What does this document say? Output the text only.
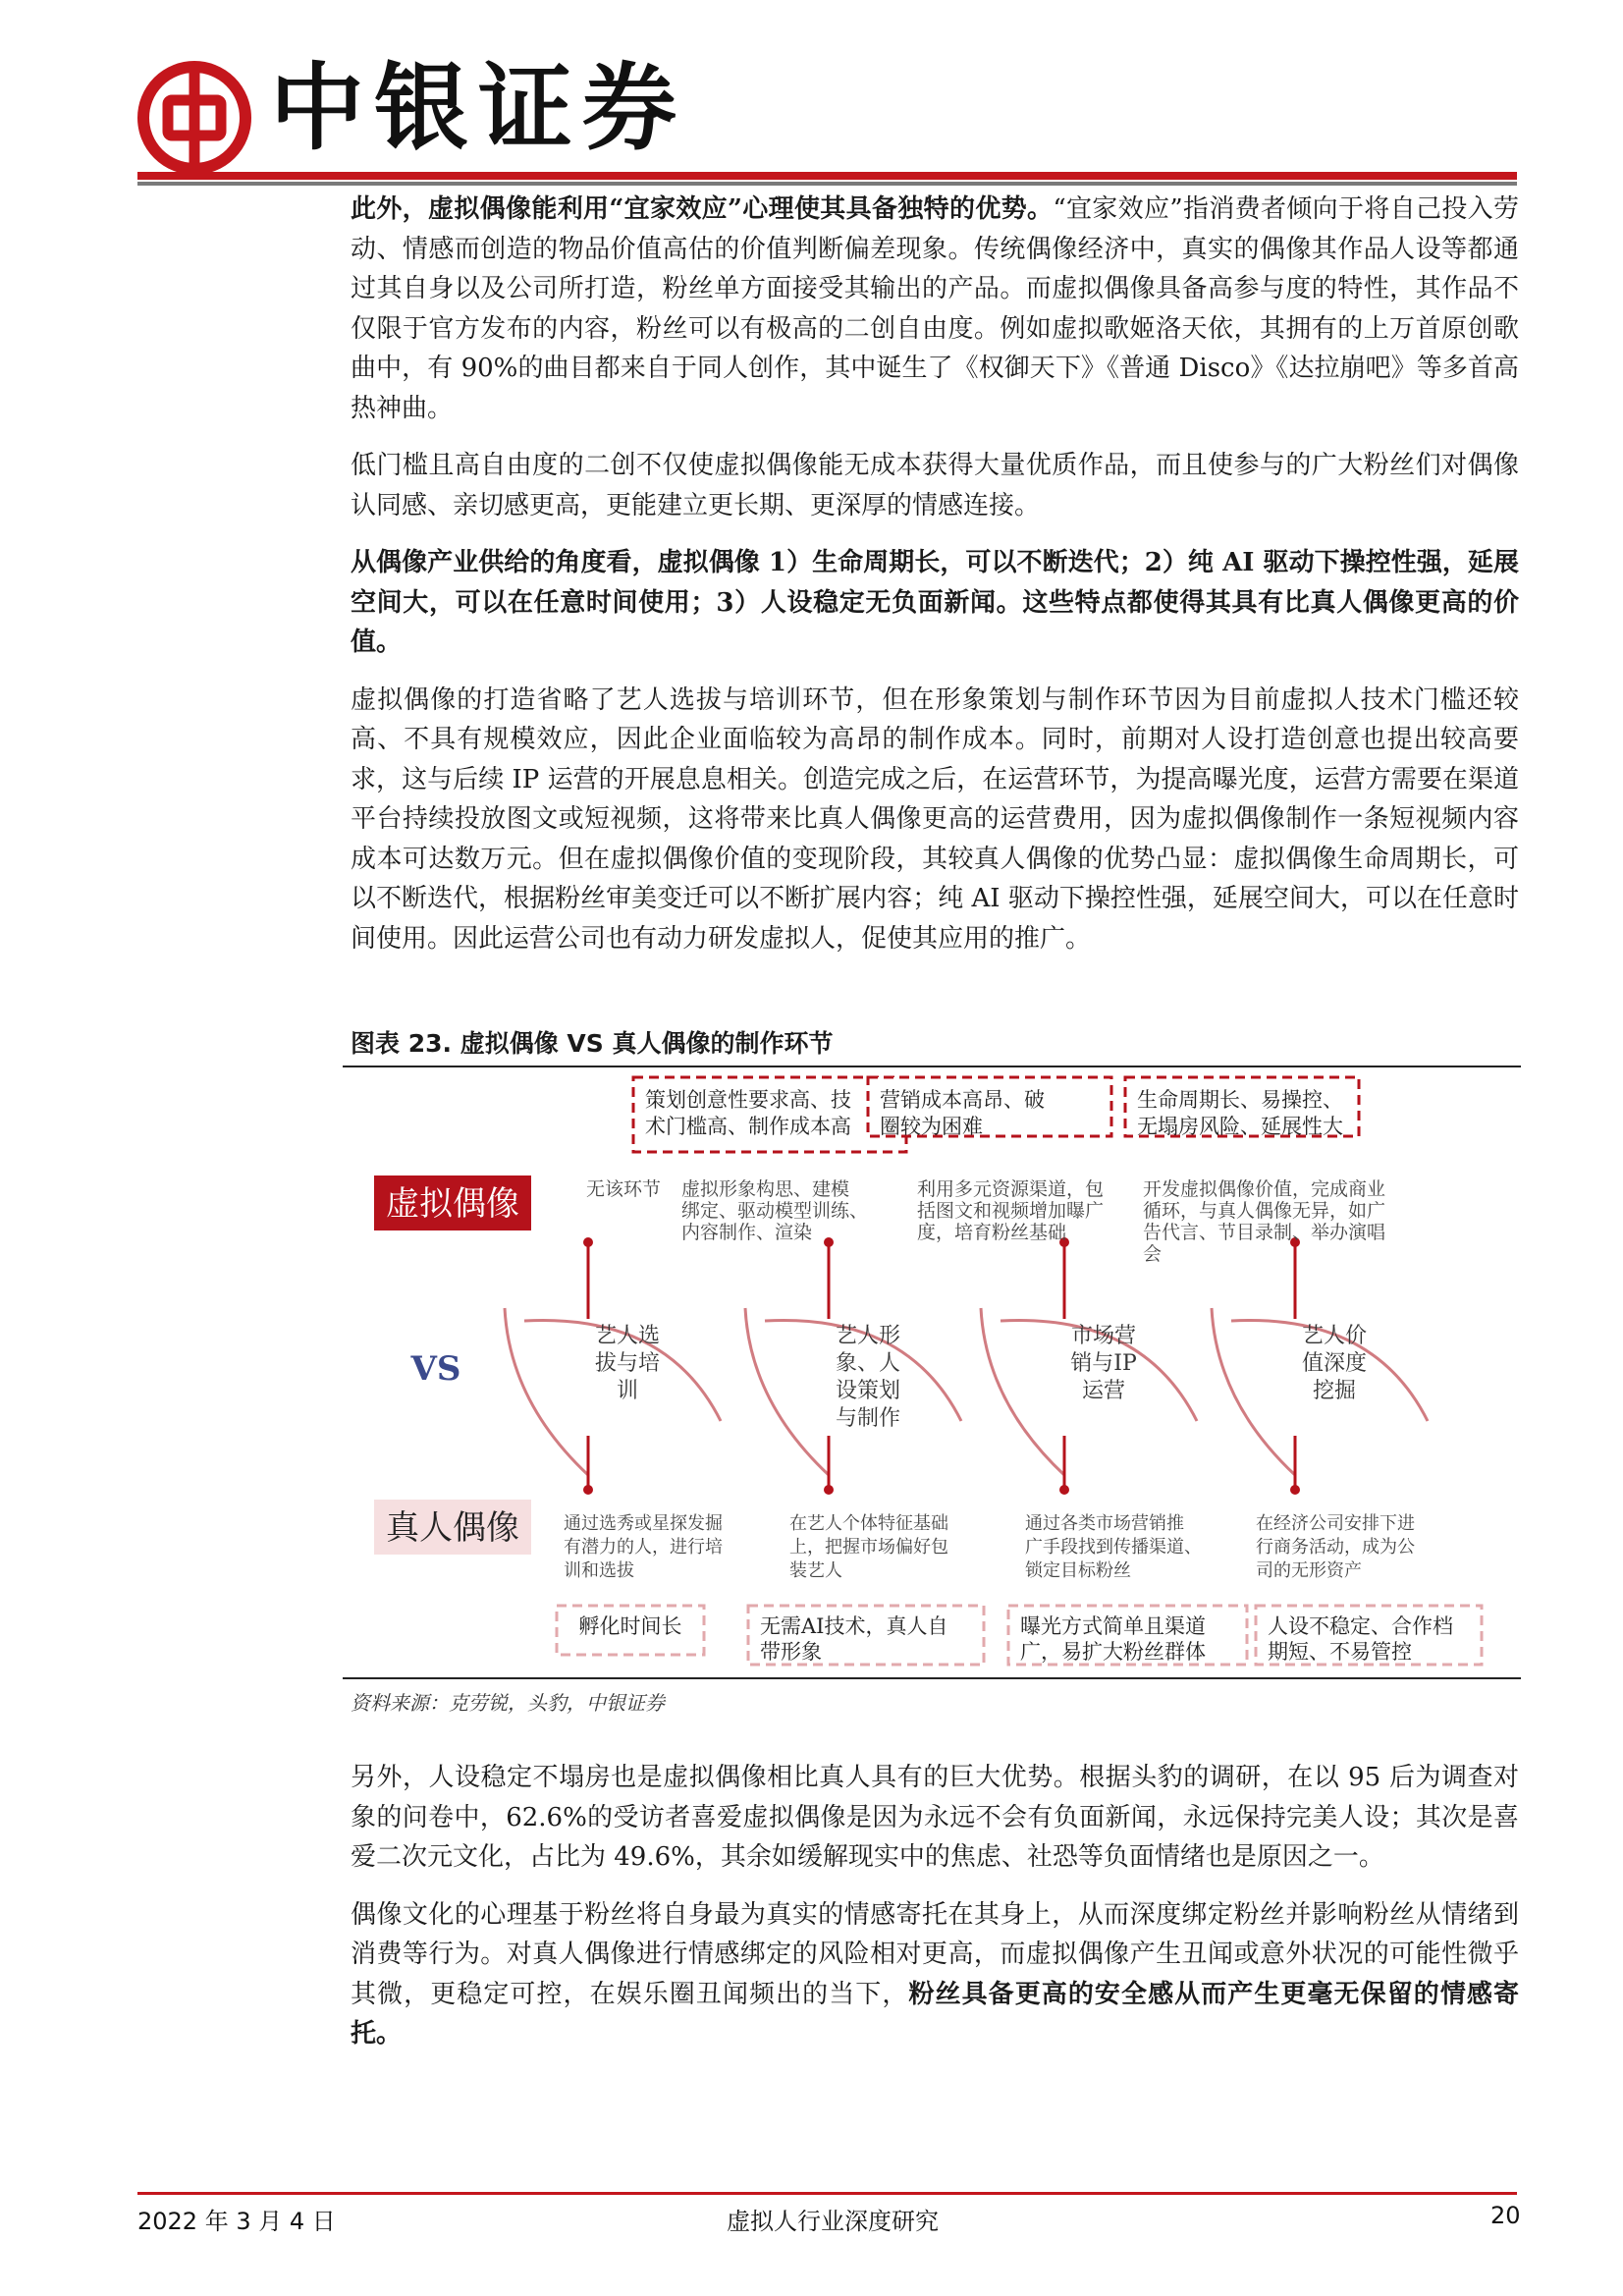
中银证券

此外，虚拟偶像能利用“宜家效应”心理使其具备独特的优势。“宜家效应”指消费者倾向于将自己投入劳动、情感而创造的物品价值高估的价值判断偏差现象。传统偶像经济中，真实的偶像其作品人设等都通过其自身以及公司所打造，粉丝单方面接受其输出的产品。而虚拟偶像具备高参与度的特性，其作品不仅限于官方发布的内容，粉丝可以有极高的二创自由度。例如虚拟歌姬洛天依，其拥有的上万首原创歌曲中，有 90%的曲目都来自于同人创作，其中诞生了《权御天下》《普通 Disco》《达拉崩吧》等多首高热神曲。

低门槛且高自由度的二创不仅使虚拟偶像能无成本获得大量优质作品，而且使参与的广大粉丝们对偶像认同感、亲切感更高，更能建立更长期、更深厚的情感连接。

从偶像产业供给的角度看，虚拟偶像 1）生命周期长，可以不断迭代；2）纯 AI 驱动下操控性强，延展空间大，可以在任意时间使用；3）人设稳定无负面新闻。这些特点都使得其具有比真人偶像更高的价值。

虚拟偶像的打造省略了艺人选拔与培训环节，但在形象策划与制作环节因为目前虚拟人技术门槛还较高、不具有规模效应，因此企业面临较为高昂的制作成本。同时，前期对人设打造创意也提出较高要求，这与后续 IP 运营的开展息息相关。创造完成之后，在运营环节，为提高曝光度，运营方需要在渠道平台持续投放图文或短视频，这将带来比真人偶像更高的运营费用，因为虚拟偶像制作一条短视频内容成本可达数万元。但在虚拟偶像价值的变现阶段，其较真人偶像的优势凸显：虚拟偶像生命周期长，可以不断迭代，根据粉丝审美变迁可以不断扩展内容；纯 AI 驱动下操控性强，延展空间大，可以在任意时间使用。因此运营公司也有动力研发虚拟人，促使其应用的推广。

图表 23. 虚拟偶像 VS 真人偶像的制作环节
虚拟偶像
VS
真人偶像
艺人选
拔与培
训
艺人形
象、人
设策划
与制作
市场营
销与IP
运营
艺人价
值深度
挖掘
无该环节 虚拟形象构思、建模
绑定、驱动模型训练、
内容制作、渲染
利用多元资源渠道，包
括图文和视频增加曝广
度，培育粉丝基础
开发虚拟偶像价值，完成商业
循环，与真人偶像无异，如广
告代言、节目录制、举办演唱
会
策划创意性要求高、技
术门槛高、制作成本高
营销成本高昂、破
圈较为困难
生命周期长、易操控、
无塌房风险、延展性大
通过选秀或星探发掘
有潜力的人，进行培
训和选拔
在艺人个体特征基础
上，把握市场偏好包
装艺人
通过各类市场营销推
广手段找到传播渠道、
锁定目标粉丝
在经济公司安排下进
行商务活动，成为公
司的无形资产
孵化时间长	无需AI技术，真人自
带形象
曝光方式简单且渠道
广，易扩大粉丝群体
人设不稳定、合作档
期短、不易管控
资料来源：克劳锐，头豹，中银证券

另外，人设稳定不塌房也是虚拟偶像相比真人具有的巨大优势。根据头豹的调研，在以 95 后为调查对象的问卷中，62.6%的受访者喜爱虚拟偶像是因为永远不会有负面新闻，永远保持完美人设；其次是喜爱二次元文化，占比为 49.6%，其余如缓解现实中的焦虑、社恐等负面情绪也是原因之一。

偶像文化的心理基于粉丝将自身最为真实的情感寄托在其身上，从而深度绑定粉丝并影响粉丝从情绪到消费等行为。对真人偶像进行情感绑定的风险相对更高，而虚拟偶像产生丑闻或意外状况的可能性微乎其微，更稳定可控，在娱乐圈丑闻频出的当下，粉丝具备更高的安全感从而产生更毫无保留的情感寄托。

2022 年 3 月 4 日	虚拟人行业深度研究	20
